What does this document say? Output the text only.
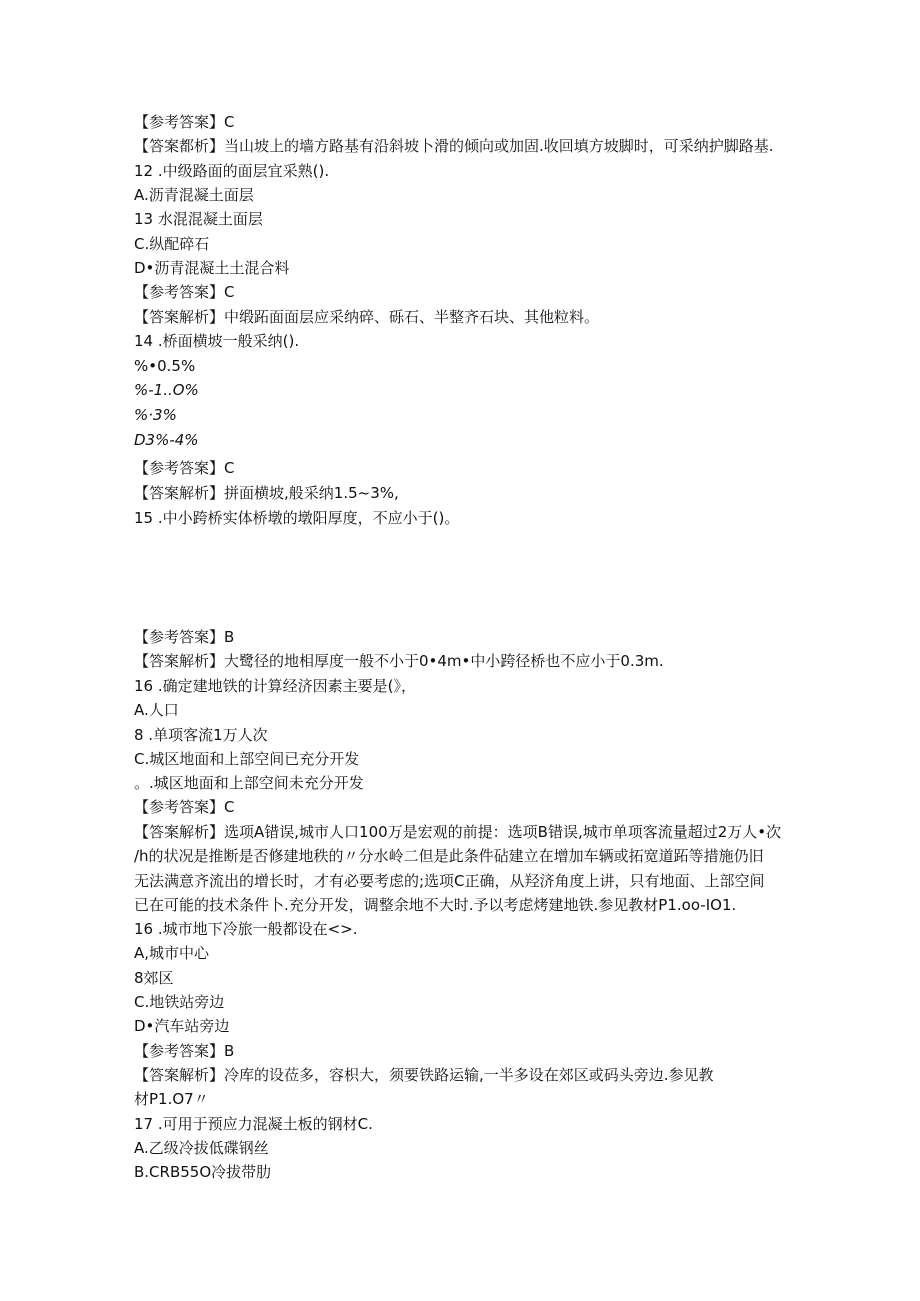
【参考答案】C
【答案都析】当山坡上的墙方路基有沿斜坡卜滑的倾向或加固.收回填方坡脚时，可采纳护脚路基.
12 .中级路面的面层宜采熟().
A.沥青混凝土面层
13 水混混凝土面层
C.纵配碎石
D•沥青混凝土土混合料
【参考答案】C
【答案解析】中缎跖面面层应采纳碎、砾石、半整齐石块、其他粒料。
14 .桥面横坡一般采纳().
%•0.5%
%-1..O%
%·3%
D3%-4%
【参考答案】C
【答案解析】拼面横坡,般采纳1.5~3%,
15 .中小跨桥实体桥墩的墩阳厚度，不应小于()。
【参考答案】B
【答案解析】大鹭径的地相厚度一般不小于0•4m•中小跨径桥也不应小于0.3m.
16 .确定建地铁的计算经济因素主要是(》，
A.人口
8 .单项客流1万人次
C.城区地面和上部空间已充分开发
。.城区地面和上部空间未充分开发
【参考答案】C
【答案解析】选项A错误,城市人口100万是宏观的前提：选项B错误,城市单项客流量超过2万人•次
/h的状况是推断是否修建地秩的〃分水岭二但是此条件砧建立在增加车辆或拓宽道跖等措施仍旧
无法满意齐流出的增长时，才有必要考虑的;选项C正确，从羟济角度上讲，只有地面、上部空间
已在可能的技术条件卜.充分开发，调整余地不大时.予以考虑烤建地铁.参见教材P1.oo-IO1.
16 .城市地下冷旅一般都设在<>.
A,城市中心
8郊区
C.地铁站旁边
D•汽车站旁边
【参考答案】B
【答案解析】冷库的设莅多，容枳大，须要铁路运输,一半多设在郊区或码头旁边.参见教
材P1.O7〃
17 .可用于预应力混凝土板的钢材C.
A.乙级冷拔低碟钢丝
B.CRB55O冷拔带肋
